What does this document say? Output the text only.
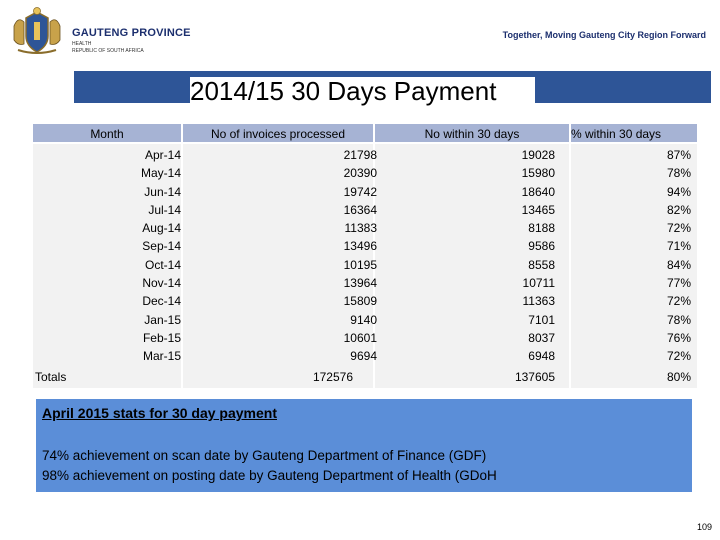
GAUTENG PROVINCE
HEALTH
REPUBLIC OF SOUTH AFRICA
Together, Moving Gauteng City Region Forward
2014/15 30 Days Payment
Month	No of invoices processed	No within 30 days	% within 30 days
Apr-14	21798	19028	87%
May-14	20390	15980	78%
Jun-14	19742	18640	94%
Jul-14	16364	13465	82%
Aug-14	11383	8188	72%
Sep-14	13496	9586	71%
Oct-14	10195	8558	84%
Nov-14	13964	10711	77%
Dec-14	15809	11363	72%
Jan-15	9140	7101	78%
Feb-15	10601	8037	76%
Mar-15	9694	6948	72%
Totals	172576	137605	80%
April 2015 stats for 30 day payment
74% achievement on scan date by Gauteng Department of Finance (GDF)
98% achievement on posting date by Gauteng Department of Health (GDoH
109
